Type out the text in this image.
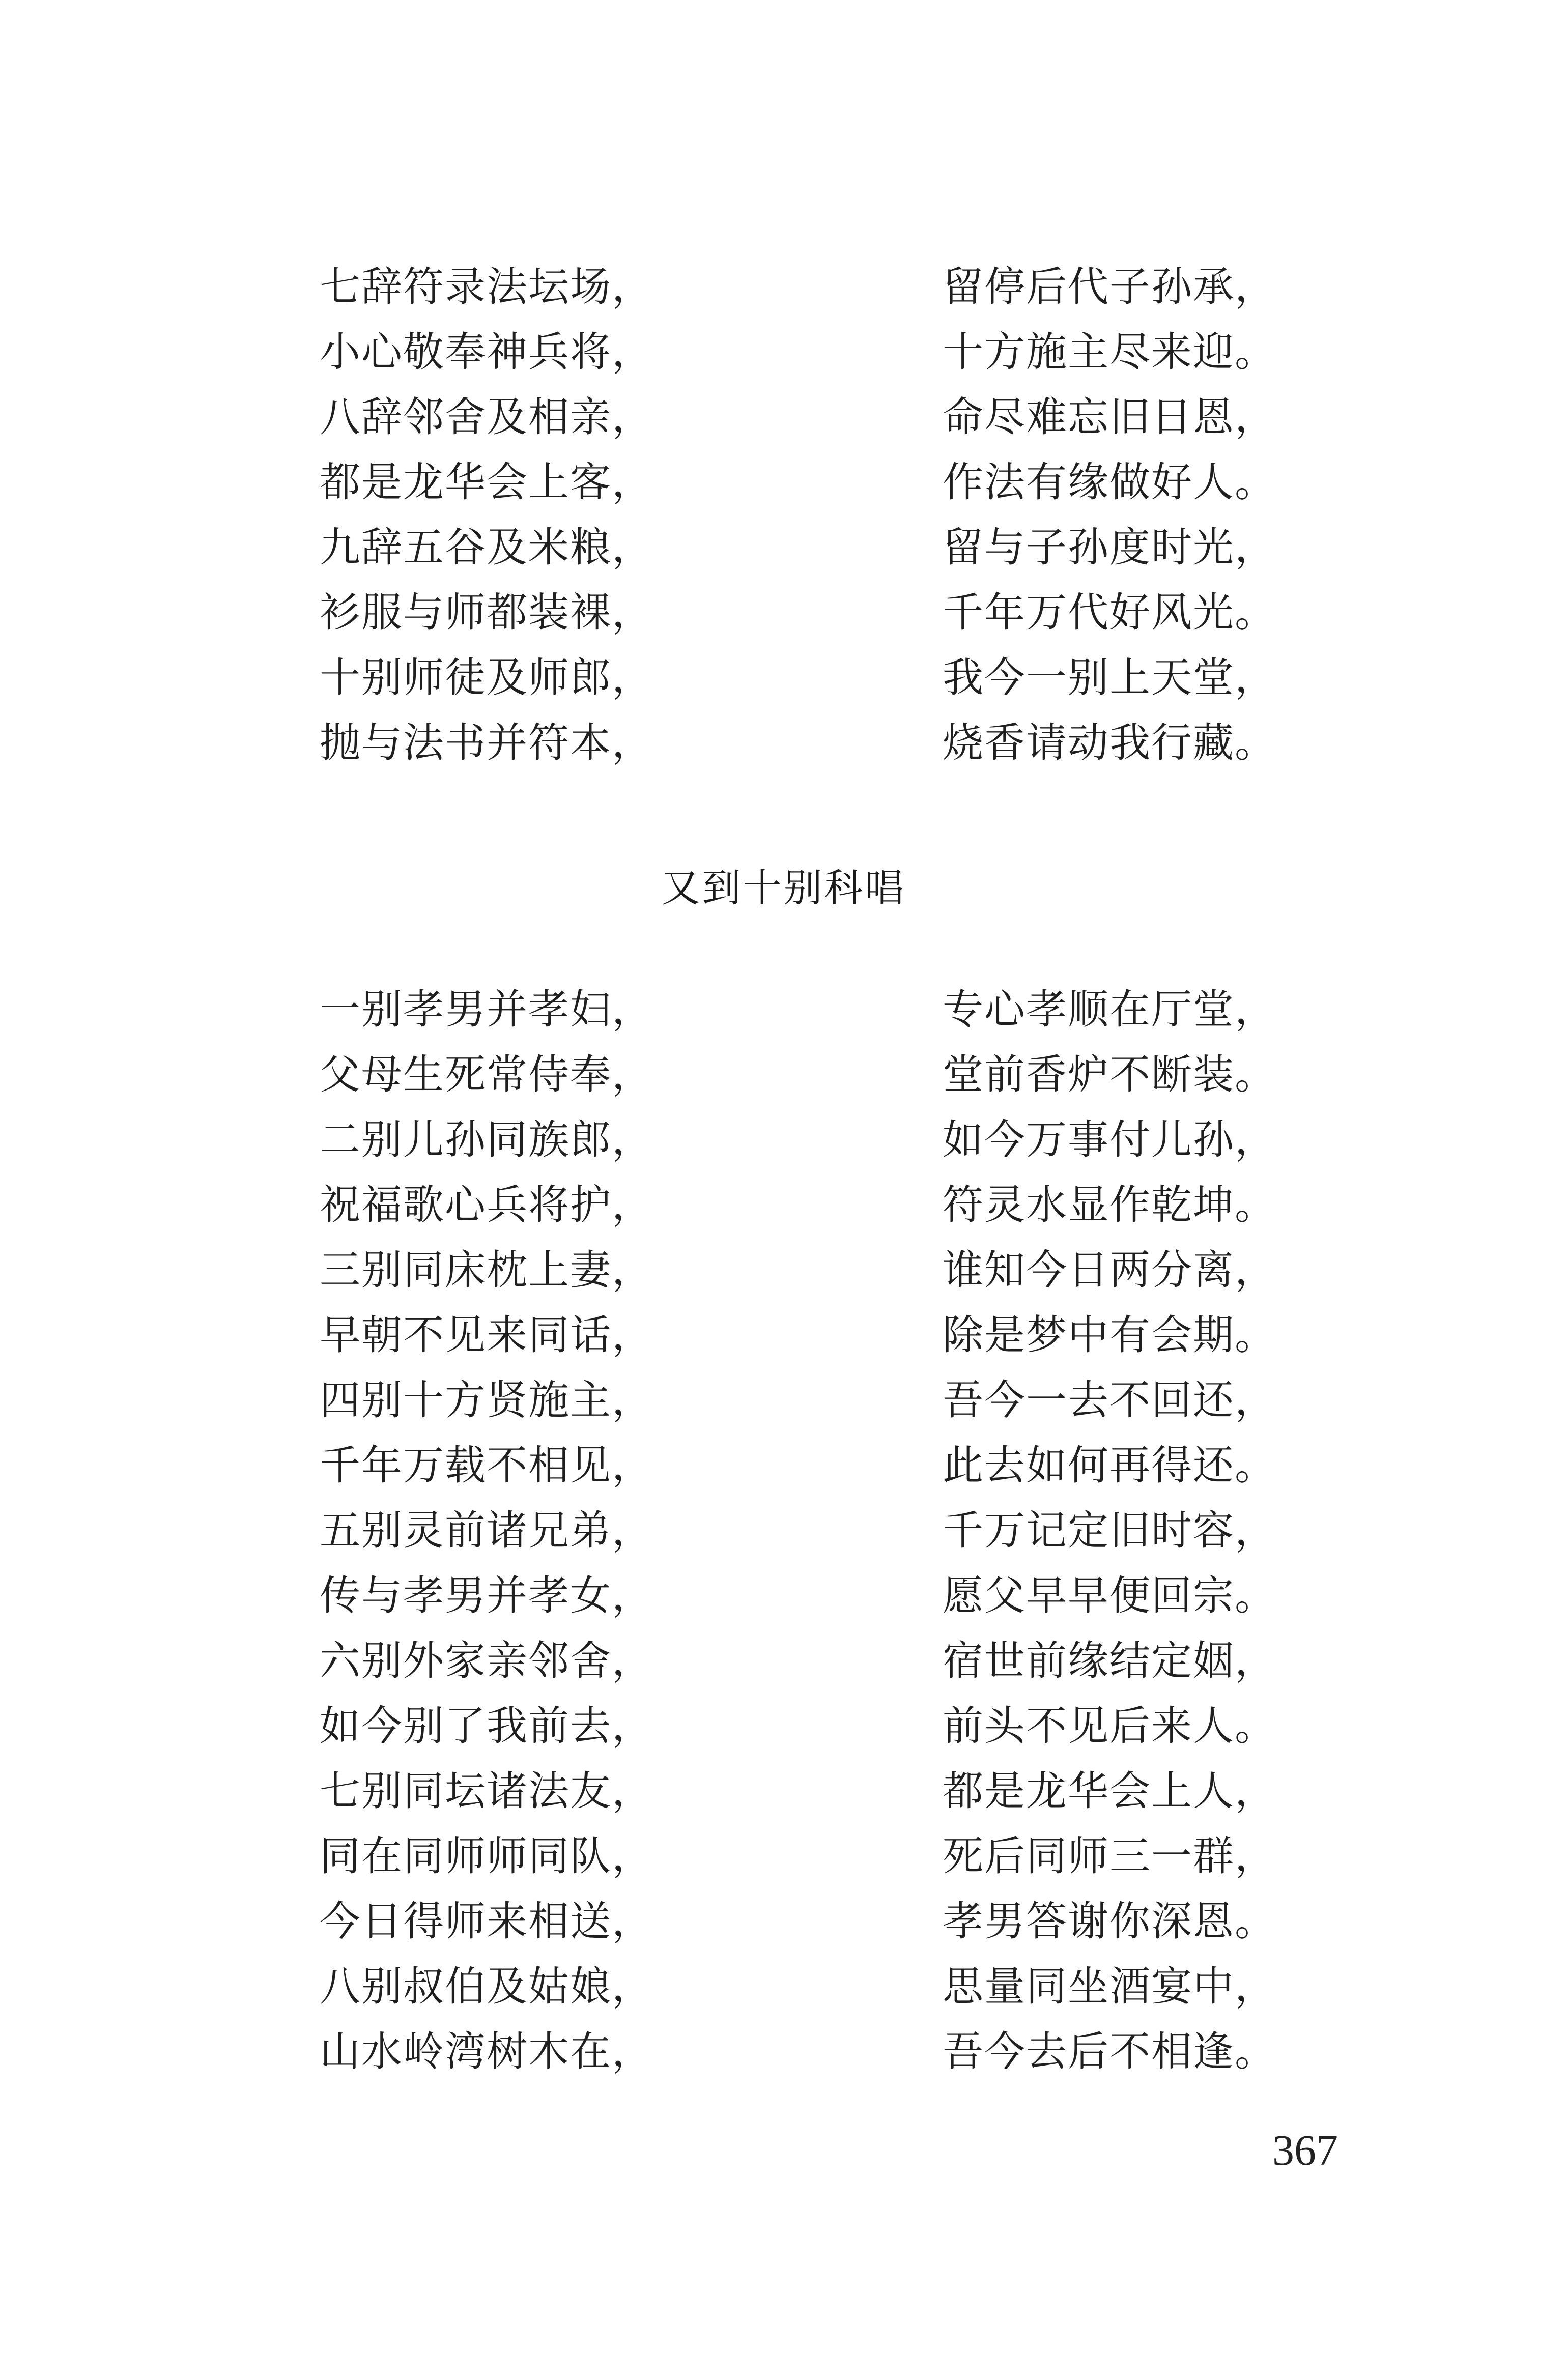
七辞符录法坛场，	留停后代子孙承，
小心敬奉神兵将，	十方施主尽来迎。
八辞邻舍及相亲，	命尽难忘旧日恩，
都是龙华会上客，	作法有缘做好人。
九辞五谷及米粮，	留与子孙度时光，
衫服与师都装裸，	千年万代好风光。
十别师徒及师郎，	我今一别上天堂，
抛与法书并符本，	烧香请动我行藏。
又到十别科唱
一别孝男并孝妇，	专心孝顺在厅堂，
父母生死常侍奉，	堂前香炉不断装。
二别儿孙同族郎，	如今万事付儿孙，
祝福歌心兵将护，	符灵水显作乾坤。
三别同床枕上妻，	谁知今日两分离，
早朝不见来同话，	除是梦中有会期。
四别十方贤施主，	吾今一去不回还，
千年万载不相见，	此去如何再得还。
五别灵前诸兄弟，	千万记定旧时容，
传与孝男并孝女，	愿父早早便回宗。
六别外家亲邻舍，	宿世前缘结定姻，
如今别了我前去，	前头不见后来人。
七别同坛诸法友，	都是龙华会上人，
同在同师师同队，	死后同师三一群，
今日得师来相送，	孝男答谢你深恩。
八别叔伯及姑娘，	思量同坐酒宴中，
山水岭湾树木在，	吾今去后不相逢。
367
